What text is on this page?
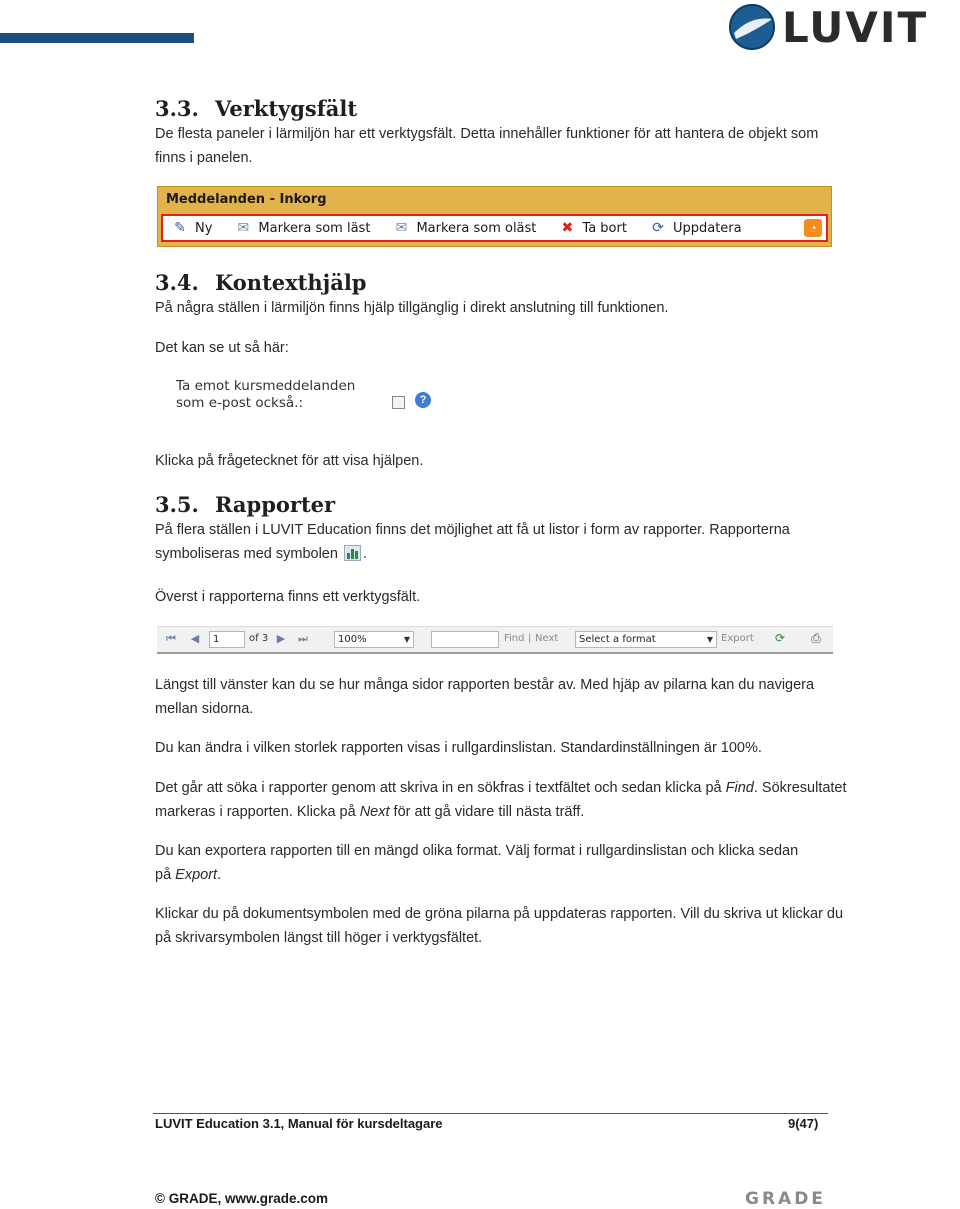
LUVIT
3.3. Verktygsfält

De flesta paneler i lärmiljön har ett verktygsfält. Detta innehåller funktioner för att hantera de objekt som finns i panelen.

Meddelanden - Inkorg
✎ Ny ✉ Markera som läst ✉ Markera som oläst ✖ Ta bort ⟳ Uppdatera	◔
3.4. Kontexthjälp

På några ställen i lärmiljön finns hjälp tillgänglig i direkt anslutning till funktionen.

Det kan se ut så här:

Ta emot kursmeddelanden som e-post också.:	?

Klicka på frågetecknet för att visa hjälpen.

3.5. Rapporter

På flera ställen i LUVIT Education finns det möjlighet att få ut listor i form av rapporter. Rapporterna symboliseras med symbolen .

Överst i rapporterna finns ett verktygsfält.

⏮ ◀	1	of 3 ▶ ⏭	100%	▼	Find | Next	Select a format	▼ Export ⟳ ⎙

Längst till vänster kan du se hur många sidor rapporten består av. Med hjäp av pilarna kan du navigera mellan sidorna.

Du kan ändra i vilken storlek rapporten visas i rullgardinslistan. Standardinställningen är 100%.

Det går att söka i rapporter genom att skriva in en sökfras i textfältet och sedan klicka på Find. Sökresultatet markeras i rapporten. Klicka på Next för att gå vidare till nästa träff.

Du kan exportera rapporten till en mängd olika format. Välj format i rullgardinslistan och klicka sedan på Export.

Klickar du på dokumentsymbolen med de gröna pilarna på uppdateras rapporten. Vill du skriva ut klickar du på skrivarsymbolen längst till höger i verktygsfältet.

LUVIT Education 3.1, Manual för kursdeltagare	9(47)
© GRADE, www.grade.com	GRADE
